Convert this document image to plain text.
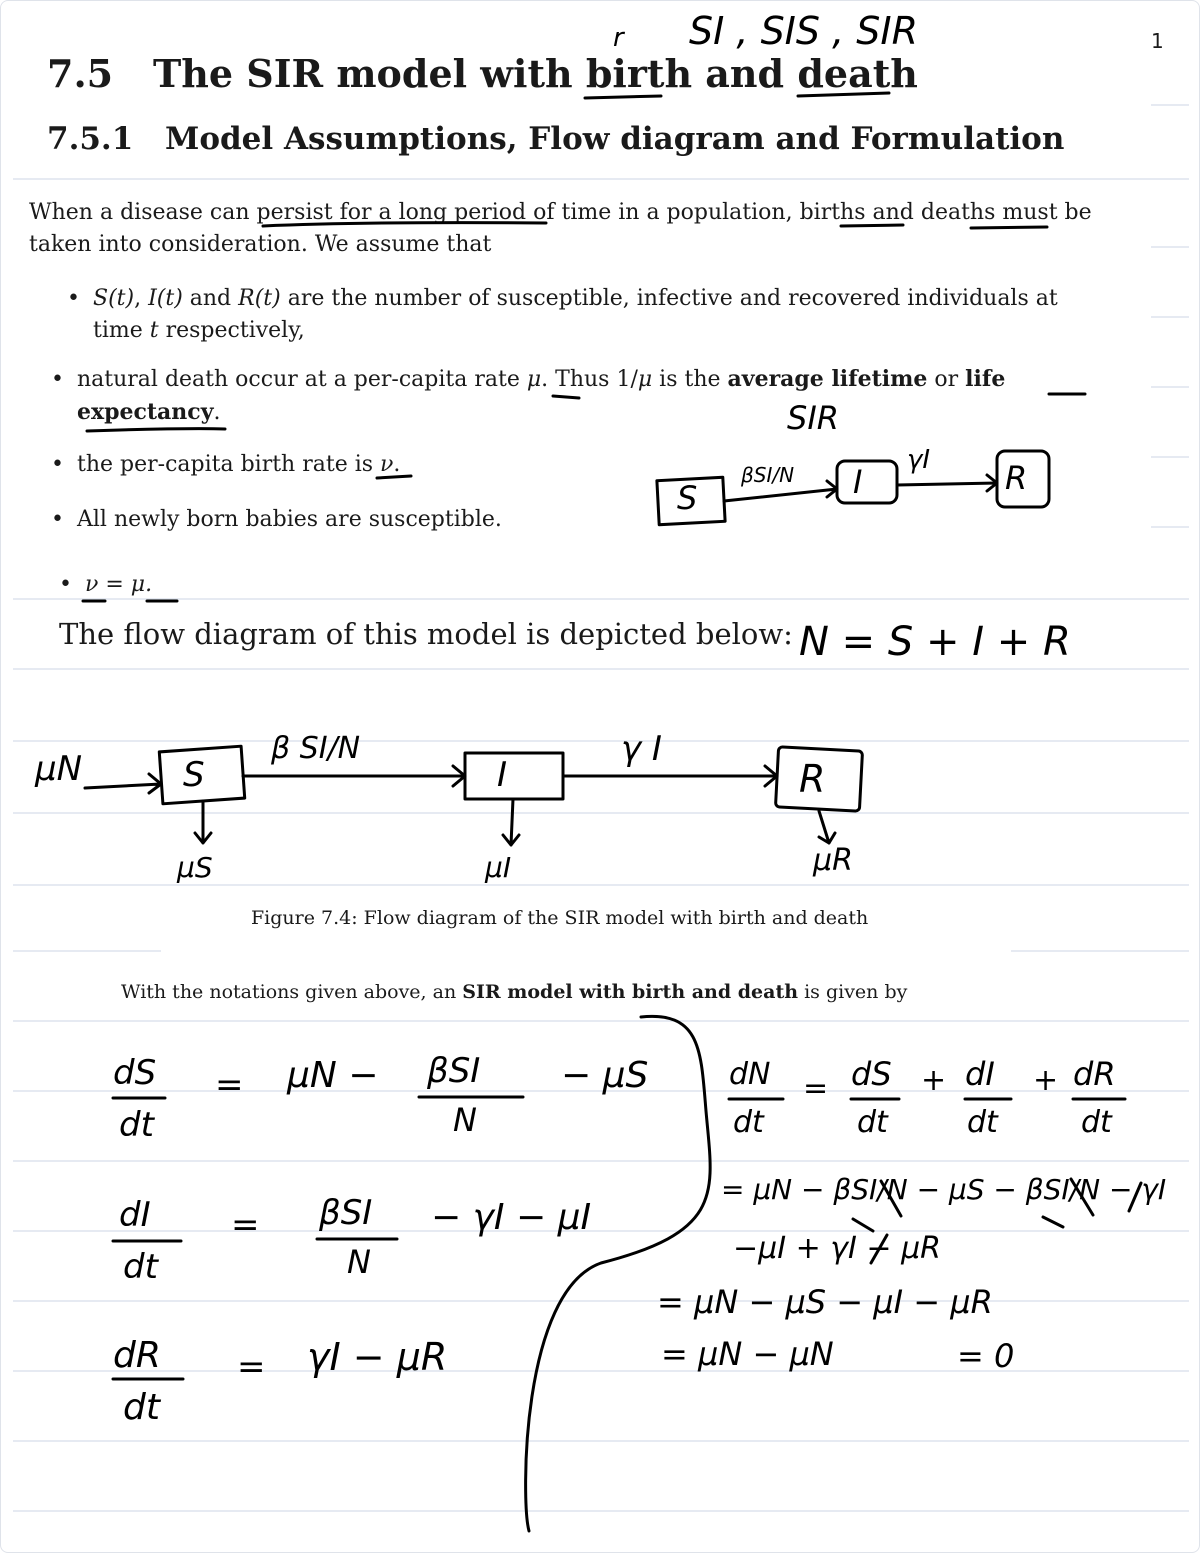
1
7.5 The SIR model with birth and death
7.5.1 Model Assumptions, Flow diagram and Formulation
When a disease can persist for a long period of time in a population, births and deaths must be taken into consideration. We assume that
• S(t), I(t) and R(t) are the number of susceptible, infective and recovered individuals at
time t respectively,
• natural death occur at a per-capita rate μ. Thus 1/μ is the average lifetime or life
expectancy.
• the per-capita birth rate is ν.
• All newly born babies are susceptible.
• ν = μ.
The flow diagram of this model is depicted below:
Figure 7.4: Flow diagram of the SIR model with birth and death
With the notations given above, an SIR model with birth and death is given by
SI , SIS , SIR
r
SIR
S
βSI/N I
γI R
N = S + I + R
μN	S
β SI/N
I
γ I
R
μS	μI	μR
dS
dt
= μN − βSI
N
− μS
dI
dt
= βSI
N
− γI − μI
dR
dt
= γI − μR
dN
dt
= dS
dt
+ dI
dt
+ dR
dt
= μN − βSI/N − μS − βSI/N − γI
−μI + γI − μR
= μN − μS − μI − μR
= μN − μN	= 0
